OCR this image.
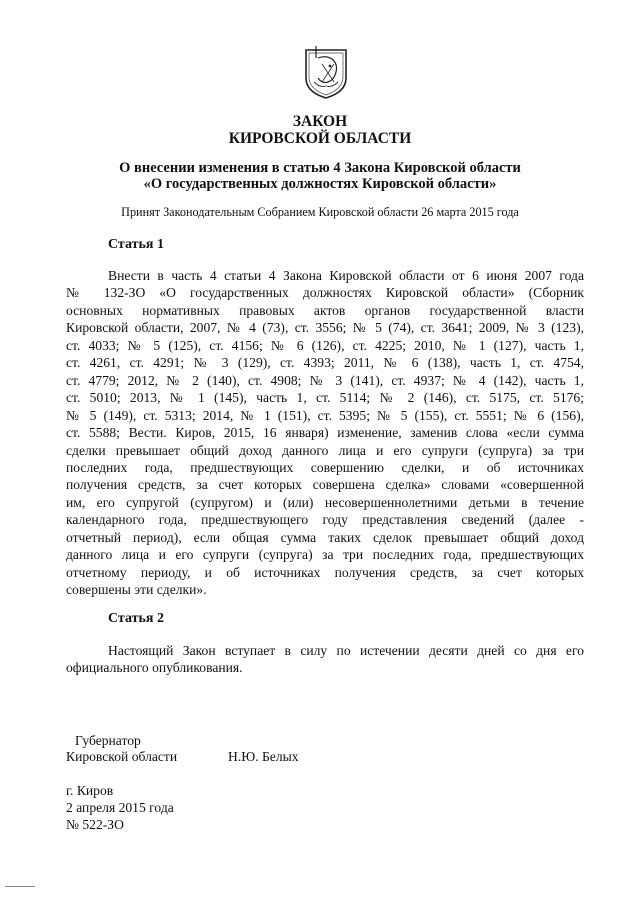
ЗАКОН
КИРОВСКОЙ ОБЛАСТИ
О внесении изменения в статью 4 Закона Кировской области
«О государственных должностях Кировской области»
Принят Законодательным Собранием Кировской области 26 марта 2015 года
Статья 1
Внести в часть 4 статьи 4 Закона Кировской области от 6 июня 2007 года
№ 132-ЗО «О государственных должностях Кировской области» (Сборник
основных нормативных правовых актов органов государственной власти
Кировской области, 2007, № 4 (73), ст. 3556; № 5 (74), ст. 3641; 2009, № 3 (123),
ст. 4033; № 5 (125), ст. 4156; № 6 (126), ст. 4225; 2010, № 1 (127), часть 1,
ст. 4261, ст. 4291; № 3 (129), ст. 4393; 2011, № 6 (138), часть 1, ст. 4754,
ст. 4779; 2012, № 2 (140), ст. 4908; № 3 (141), ст. 4937; № 4 (142), часть 1,
ст. 5010; 2013, № 1 (145), часть 1, ст. 5114; № 2 (146), ст. 5175, ст. 5176;
№ 5 (149), ст. 5313; 2014, № 1 (151), ст. 5395; № 5 (155), ст. 5551; № 6 (156),
ст. 5588; Вести. Киров, 2015, 16 января) изменение, заменив слова «если сумма
сделки превышает общий доход данного лица и его супруги (супруга) за три
последних года, предшествующих совершению сделки, и об источниках
получения средств, за счет которых совершена сделка» словами «совершенной
им, его супругой (супругом) и (или) несовершеннолетними детьми в течение
календарного года, предшествующего году представления сведений (далее -
отчетный период), если общая сумма таких сделок превышает общий доход
данного лица и его супруги (супруга) за три последних года, предшествующих
отчетному периоду, и об источниках получения средств, за счет которых
совершены эти сделки».
Статья 2
Настоящий Закон вступает в силу по истечении десяти дней со дня его
официального опубликования.
Губернатор
Кировской области	Н.Ю. Белых
г. Киров
2 апреля 2015 года
№ 522-ЗО
